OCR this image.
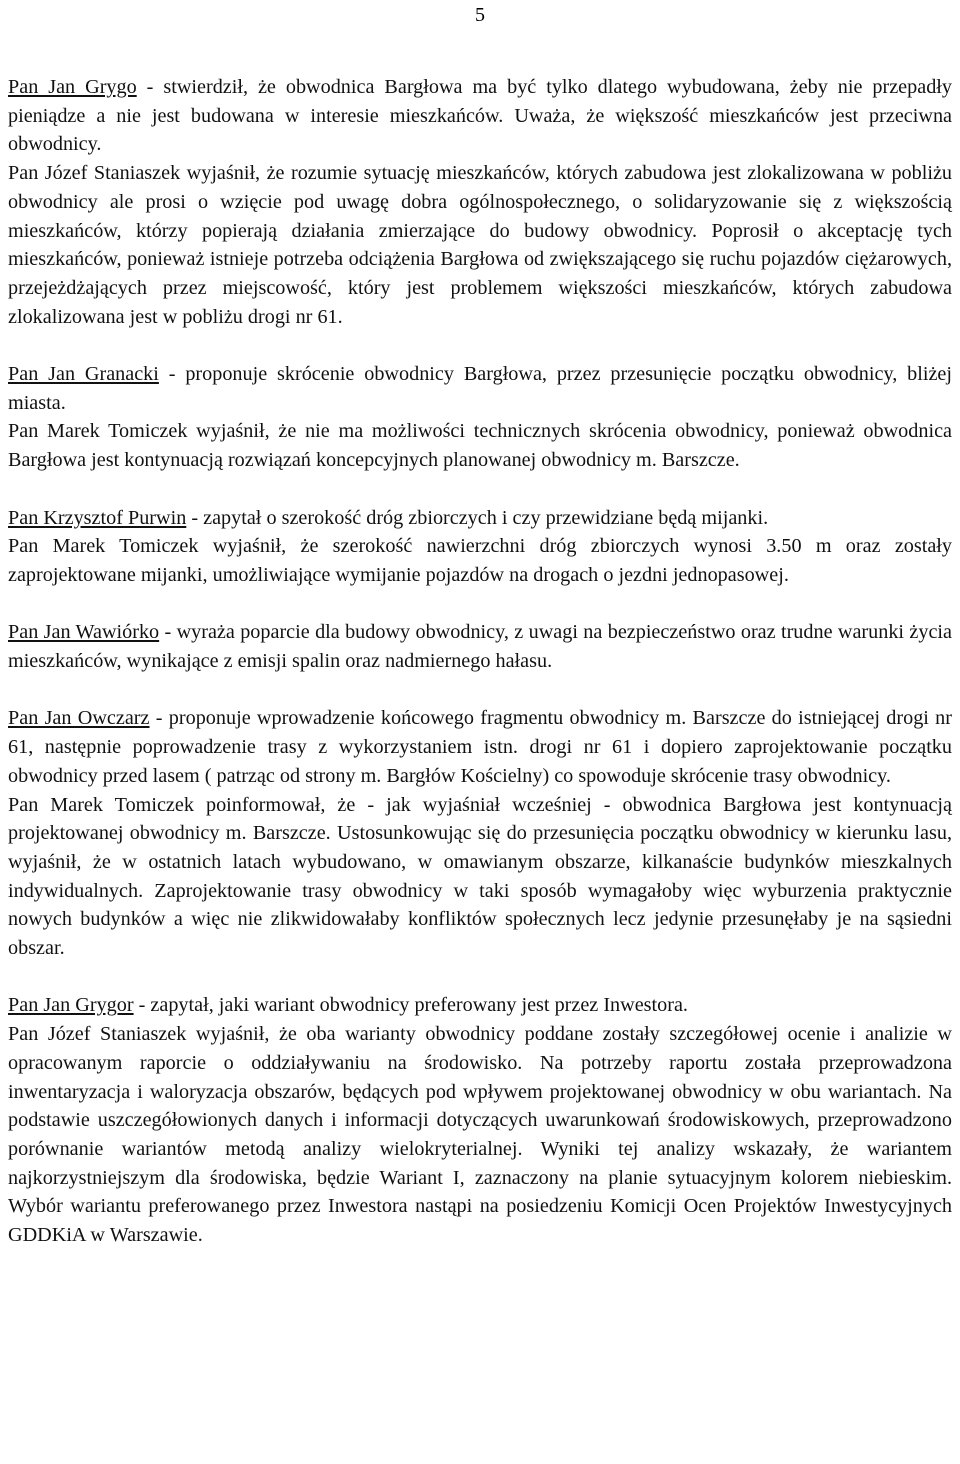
5

Pan Jan Grygo - stwierdził, że obwodnica Bargłowa ma być tylko dlatego wybudowana, żeby nie przepadły pieniądze a nie jest budowana w interesie mieszkańców. Uważa, że większość mieszkańców jest przeciwna obwodnicy.

Pan Józef Staniaszek wyjaśnił, że rozumie sytuację mieszkańców, których zabudowa jest zlokalizowana w pobliżu obwodnicy ale prosi o wzięcie pod uwagę dobra ogólnospołecznego, o solidaryzowanie się z większością mieszkańców, którzy popierają działania zmierzające do budowy obwodnicy. Poprosił o akceptację tych mieszkańców, ponieważ istnieje potrzeba odciążenia Bargłowa od zwiększającego się ruchu pojazdów ciężarowych, przejeżdżających przez miejscowość, który jest problemem większości mieszkańców, których zabudowa zlokalizowana jest w pobliżu drogi nr 61.

Pan Jan Granacki - proponuje skrócenie obwodnicy Bargłowa, przez przesunięcie początku obwodnicy, bliżej miasta.

Pan Marek Tomiczek wyjaśnił, że nie ma możliwości technicznych skrócenia obwodnicy, ponieważ obwodnica Bargłowa jest kontynuacją rozwiązań koncepcyjnych planowanej obwodnicy m. Barszcze.

Pan Krzysztof Purwin - zapytał o szerokość dróg zbiorczych i czy przewidziane będą mijanki.

Pan Marek Tomiczek wyjaśnił, że szerokość nawierzchni dróg zbiorczych wynosi 3.50 m oraz zostały zaprojektowane mijanki, umożliwiające wymijanie pojazdów na drogach o jezdni jednopasowej.

Pan Jan Wawiórko - wyraża poparcie dla budowy obwodnicy, z uwagi na bezpieczeństwo oraz trudne warunki życia mieszkańców, wynikające z emisji spalin oraz nadmiernego hałasu.

Pan Jan Owczarz - proponuje wprowadzenie końcowego fragmentu obwodnicy m. Barszcze do istniejącej drogi nr 61, następnie poprowadzenie trasy z wykorzystaniem istn. drogi nr 61 i dopiero zaprojektowanie początku obwodnicy przed lasem ( patrząc od strony m. Bargłów Kościelny) co spowoduje skrócenie trasy obwodnicy.

Pan Marek Tomiczek poinformował, że - jak wyjaśniał wcześniej - obwodnica Bargłowa jest kontynuacją projektowanej obwodnicy m. Barszcze. Ustosunkowując się do przesunięcia początku obwodnicy w kierunku lasu, wyjaśnił, że w ostatnich latach wybudowano, w omawianym obszarze, kilkanaście budynków mieszkalnych indywidualnych. Zaprojektowanie trasy obwodnicy w taki sposób wymagałoby więc wyburzenia praktycznie nowych budynków a więc nie zlikwidowałaby konfliktów społecznych lecz jedynie przesunęłaby je na sąsiedni obszar.

Pan Jan Grygor - zapytał, jaki wariant obwodnicy preferowany jest przez Inwestora.

Pan Józef Staniaszek wyjaśnił, że oba warianty obwodnicy poddane zostały szczegółowej ocenie i analizie w opracowanym raporcie o oddziaływaniu na środowisko. Na potrzeby raportu została przeprowadzona inwentaryzacja i waloryzacja obszarów, będących pod wpływem projektowanej obwodnicy w obu wariantach. Na podstawie uszczegółowionych danych i informacji dotyczących uwarunkowań środowiskowych, przeprowadzono porównanie wariantów metodą analizy wielokryterialnej. Wyniki tej analizy wskazały, że wariantem najkorzystniejszym dla środowiska, będzie Wariant I, zaznaczony na planie sytuacyjnym kolorem niebieskim. Wybór wariantu preferowanego przez Inwestora nastąpi na posiedzeniu Komicji Ocen Projektów Inwestycyjnych GDDKiA w Warszawie.
